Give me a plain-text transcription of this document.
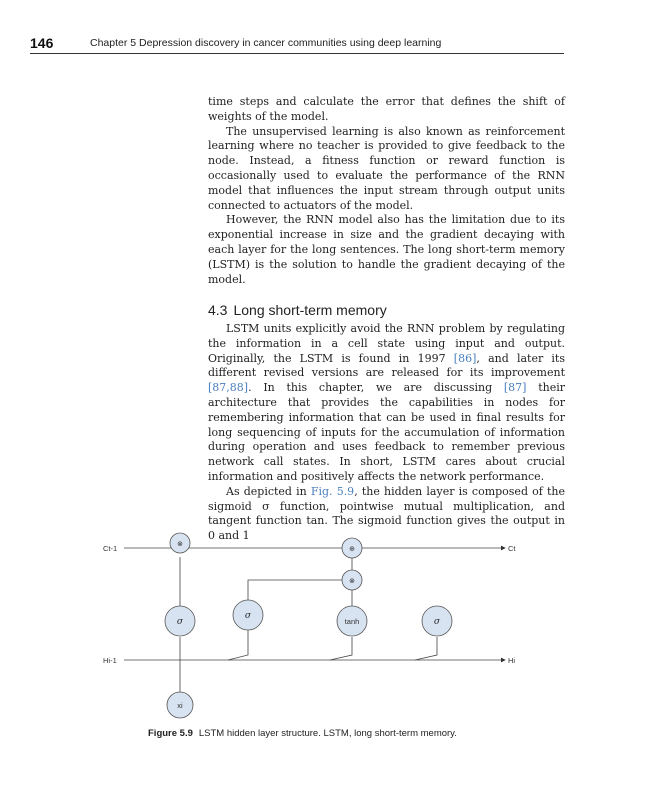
146	Chapter 5 Depression discovery in cancer communities using deep learning

time steps and calculate the error that defines the shift of weights of the model.

The unsupervised learning is also known as reinforcement learning where no teacher is provided to give feedback to the node. Instead, a fitness function or reward function is occasionally used to evaluate the performance of the RNN model that influences the input stream through output units connected to actuators of the model.

However, the RNN model also has the limitation due to its exponential increase in size and the gradient decaying with each layer for the long sentences. The long short-term memory (LSTM) is the solution to handle the gradient decaying of the model.

4.3 Long short-term memory

LSTM units explicitly avoid the RNN problem by regulating the information in a cell state using input and output. Originally, the LSTM is found in 1997 [86], and later its different revised versions are released for its improvement [87,88]. In this chapter, we are discussing [87] their architecture that provides the capabilities in nodes for remembering information that can be used in final results for long sequencing of inputs for the accumulation of information during operation and uses feedback to remember previous network call states. In short, LSTM cares about crucial information and positively affects the network performance.

As depicted in Fig. 5.9, the hidden layer is composed of the sigmoid σ function, pointwise mutual multiplication, and tangent function tan. The sigmoid function gives the output in 0 and 1

⊗
⊕
⊗
σ
σ
σ
tanh
xi
Ct-1	Ct
Hi-1	Hi
Figure 5.9 LSTM hidden layer structure. LSTM, long short-term memory.
